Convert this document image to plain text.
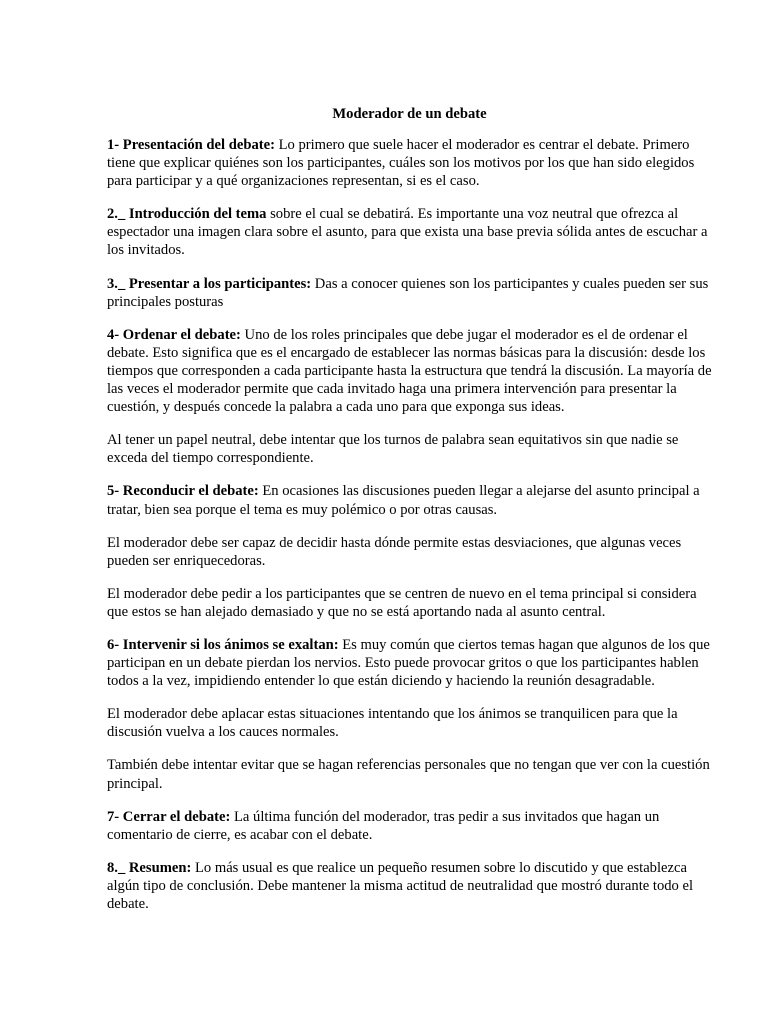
Moderador de un debate

1- Presentación del debate: Lo primero que suele hacer el moderador es centrar el debate. Primero tiene que explicar quiénes son los participantes, cuáles son los motivos por los que han sido elegidos para participar y a qué organizaciones representan, si es el caso.

2._ Introducción del tema sobre el cual se debatirá. Es importante una voz neutral que ofrezca al espectador una imagen clara sobre el asunto, para que exista una base previa sólida antes de escuchar a los invitados.

3._ Presentar a los participantes: Das a conocer quienes son los participantes y cuales pueden ser sus principales posturas

4- Ordenar el debate: Uno de los roles principales que debe jugar el moderador es el de ordenar el debate. Esto significa que es el encargado de establecer las normas básicas para la discusión: desde los tiempos que corresponden a cada participante hasta la estructura que tendrá la discusión. La mayoría de las veces el moderador permite que cada invitado haga una primera intervención para presentar la cuestión, y después concede la palabra a cada uno para que exponga sus ideas.

Al tener un papel neutral, debe intentar que los turnos de palabra sean equitativos sin que nadie se exceda del tiempo correspondiente.

5- Reconducir el debate: En ocasiones las discusiones pueden llegar a alejarse del asunto principal a tratar, bien sea porque el tema es muy polémico o por otras causas.

El moderador debe ser capaz de decidir hasta dónde permite estas desviaciones, que algunas veces pueden ser enriquecedoras.

El moderador debe pedir a los participantes que se centren de nuevo en el tema principal si considera que estos se han alejado demasiado y que no se está aportando nada al asunto central.

6- Intervenir si los ánimos se exaltan: Es muy común que ciertos temas hagan que algunos de los que participan en un debate pierdan los nervios. Esto puede provocar gritos o que los participantes hablen todos a la vez, impidiendo entender lo que están diciendo y haciendo la reunión desagradable.

El moderador debe aplacar estas situaciones intentando que los ánimos se tranquilicen para que la discusión vuelva a los cauces normales.

También debe intentar evitar que se hagan referencias personales que no tengan que ver con la cuestión principal.

7- Cerrar el debate: La última función del moderador, tras pedir a sus invitados que hagan un comentario de cierre, es acabar con el debate.

8._ Resumen: Lo más usual es que realice un pequeño resumen sobre lo discutido y que establezca algún tipo de conclusión. Debe mantener la misma actitud de neutralidad que mostró durante todo el debate.
